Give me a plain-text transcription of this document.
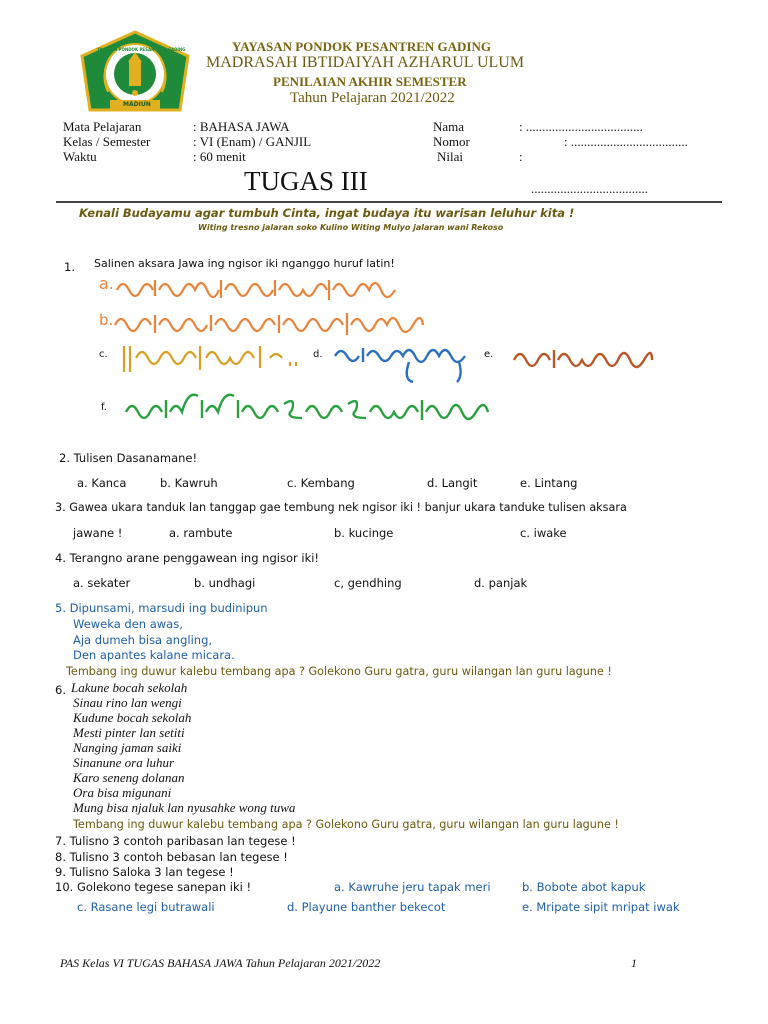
YAYASAN PONDOK PESANTREN GADING
MADIUN
YAYASAN PONDOK PESANTREN GADING
MADRASAH IBTIDAIYAH AZHARUL ULUM
PENILAIAN AKHIR SEMESTER
Tahun Pelajaran 2021/2022
Mata Pelajaran	: BAHASA JAWA
Kelas / Semester	: VI (Enam) / GANJIL
Waktu	: 60 menit
Nama	: ....................................
Nomor	: ....................................
Nilai	:
TUGAS III	....................................
Kenali Budayamu agar tumbuh Cinta, ingat budaya itu warisan leluhur kita !
Witing tresno jalaran soko Kulino Witing Mulyo jalaran wani Rekoso
1. Salinen aksara Jawa ing ngisor iki nganggo huruf latin!
a.
b.
c.	d.	e.
f.
2. Tulisen Dasanamane!
a. Kanca	b. Kawruh	c. Kembang	d. Langit	e. Lintang
3. Gawea ukara tanduk lan tanggap gae tembung nek ngisor iki ! banjur ukara tanduke tulisen aksara
jawane !	a. rambute	b. kucinge	c. iwake
4. Terangno arane penggawean ing ngisor iki!
a. sekater	b. undhagi	c, gendhing	d. panjak
5. Dipunsami, marsudi ing budinipun
Weweka den awas,
Aja dumeh bisa angling,
Den apantes kalane micara.
Tembang ing duwur kalebu tembang apa ? Golekono Guru gatra, guru wilangan lan guru lagune !
6. Lakune bocah sekolah
Sinau rino lan wengi
Kudune bocah sekolah
Mesti pinter lan setiti
Nanging jaman saiki
Sinanune ora luhur
Karo seneng dolanan
Ora bisa migunani
Mung bisa njaluk lan nyusahke wong tuwa
Tembang ing duwur kalebu tembang apa ? Golekono Guru gatra, guru wilangan lan guru lagune !
7. Tulisno 3 contoh paribasan lan tegese !
8. Tulisno 3 contoh bebasan lan tegese !
9. Tulisno Saloka 3 lan tegese !
10. Golekono tegese sanepan iki !	a. Kawruhe jeru tapak meri	b. Bobote abot kapuk
c. Rasane legi butrawali	d. Playune banther bekecot	e. Mripate sipit mripat iwak
PAS Kelas VI TUGAS BAHASA JAWA Tahun Pelajaran 2021/2022	1
